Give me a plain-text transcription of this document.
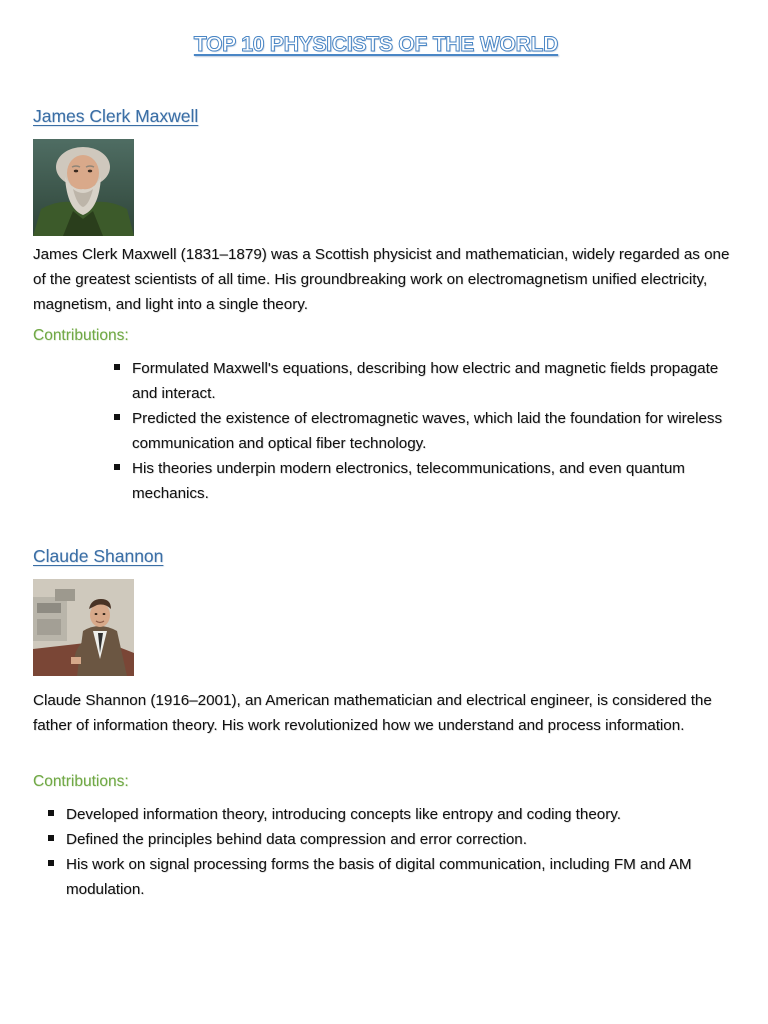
TOP 10 PHYSICISTS OF THE WORLD
James Clerk Maxwell

James Clerk Maxwell (1831–1879) was a Scottish physicist and mathematician, widely regarded as one of the greatest scientists of all time. His groundbreaking work on electromagnetism unified electricity, magnetism, and light into a single theory.

Contributions:
Formulated Maxwell's equations, describing how electric and magnetic fields propagate and interact.
Predicted the existence of electromagnetic waves, which laid the foundation for wireless communication and optical fiber technology.
His theories underpin modern electronics, telecommunications, and even quantum mechanics.
Claude Shannon

Claude Shannon (1916–2001), an American mathematician and electrical engineer, is considered the father of information theory. His work revolutionized how we understand and process information.

Contributions:
Developed information theory, introducing concepts like entropy and coding theory.
Defined the principles behind data compression and error correction.
His work on signal processing forms the basis of digital communication, including FM and AM modulation.
